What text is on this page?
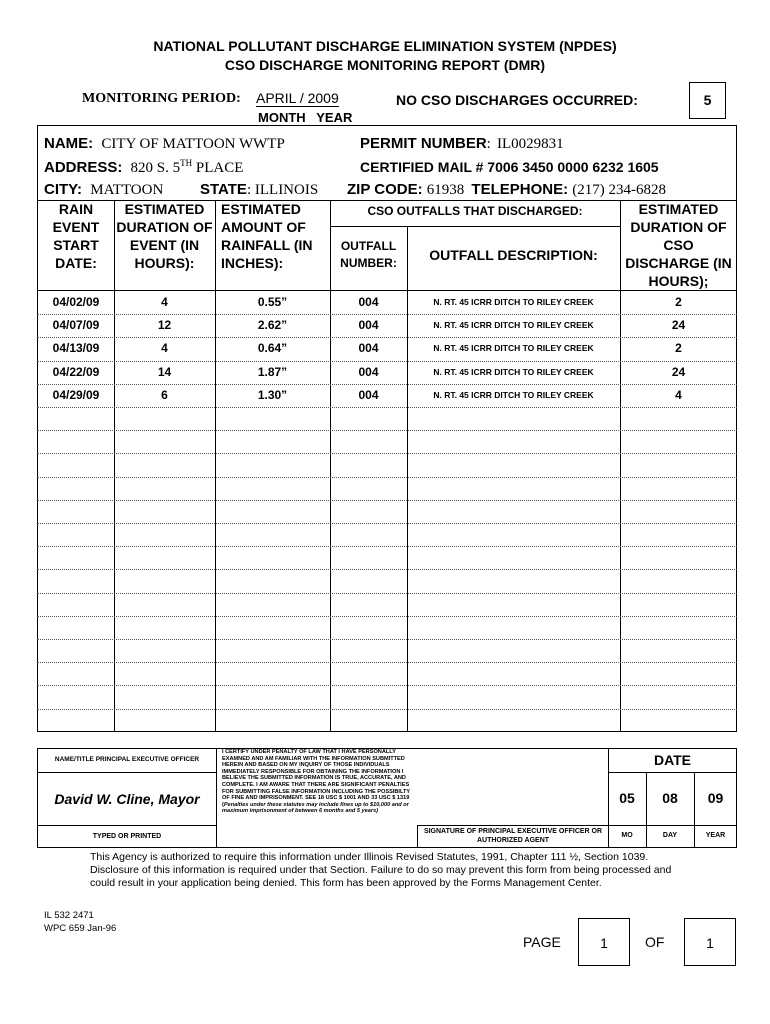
NATIONAL POLLUTANT DISCHARGE ELIMINATION SYSTEM (NPDES)
CSO DISCHARGE MONITORING REPORT (DMR)
MONITORING PERIOD: APRIL / 2009
MONTH   YEAR
NO CSO DISCHARGES OCCURRED:	5
NAME: CITY OF MATTOON WWTP	PERMIT NUMBER: IL0029831
ADDRESS: 820 S. 5TH PLACE	CERTIFIED MAIL # 7006 3450 0000 6232 1605
CITY: MATTOON STATE: ILLINOIS ZIP CODE: 61938 TELEPHONE: (217) 234-6828
RAIN EVENT START DATE:
ESTIMATED DURATION OF EVENT (IN HOURS):
ESTIMATED AMOUNT OF RAINFALL (IN INCHES):
CSO OUTFALLS THAT DISCHARGED:
OUTFALL NUMBER:	OUTFALL DESCRIPTION:
ESTIMATED DURATION OF CSO DISCHARGE (IN HOURS);
04/02/09	4	0.55”	004	N. RT. 45 ICRR DITCH TO RILEY CREEK	2
04/07/09	12	2.62”	004	N. RT. 45 ICRR DITCH TO RILEY CREEK	24
04/13/09	4	0.64”	004	N. RT. 45 ICRR DITCH TO RILEY CREEK	2
04/22/09	14	1.87”	004	N. RT. 45 ICRR DITCH TO RILEY CREEK	24
04/29/09	6	1.30”	004	N. RT. 45 ICRR DITCH TO RILEY CREEK	4
NAME/TITLE PRINCIPAL EXECUTIVE OFFICER
David W. Cline, Mayor
TYPED OR PRINTED
I CERTIFY UNDER PENALTY OF LAW THAT I HAVE PERSONALLY EXAMNED AND AM FAMILIAR WITH THE INFORMATION SUBMITTED HEREIN AND BASED ON MY INQUIRY OF THOSE INDIVIDUALS IMMEDIATELY RESPONSIBLE FOR OBTAINING THE INFORMATION I BELIEVE THE SUBMITTED INFORMATION IS TRUE, ACCURATE, AND COMPLETE. I AM AWARE THAT THERE ARE SIGNIFICANT PENALTIES FOR SUBMITTING FALSE INFORMATION INCLUDING THE POSSIBILTY OF FINE AND IMPRISONMENT. SEE 18 USC $ 1001 AND 33 USC $ 1319 (Penalties under these statutes may include fines up to $10,000 and or maximum imprisonment of between 6 months and 5 years)
SIGNATURE OF PRINCIPAL EXECUTIVE OFFICER OR AUTHORIZED AGENT
DATE
05	08	09
MO	DAY	YEAR
This Agency is authorized to require this information under Illinois Revised Statutes, 1991, Chapter 111 ½, Section 1039. Disclosure of this information is required under that Section. Failure to do so may prevent this form from being processed and could result in your application being denied. This form has been approved by the Forms Management Center.
IL 532 2471
WPC 659 Jan-96
PAGE	1	OF	1
